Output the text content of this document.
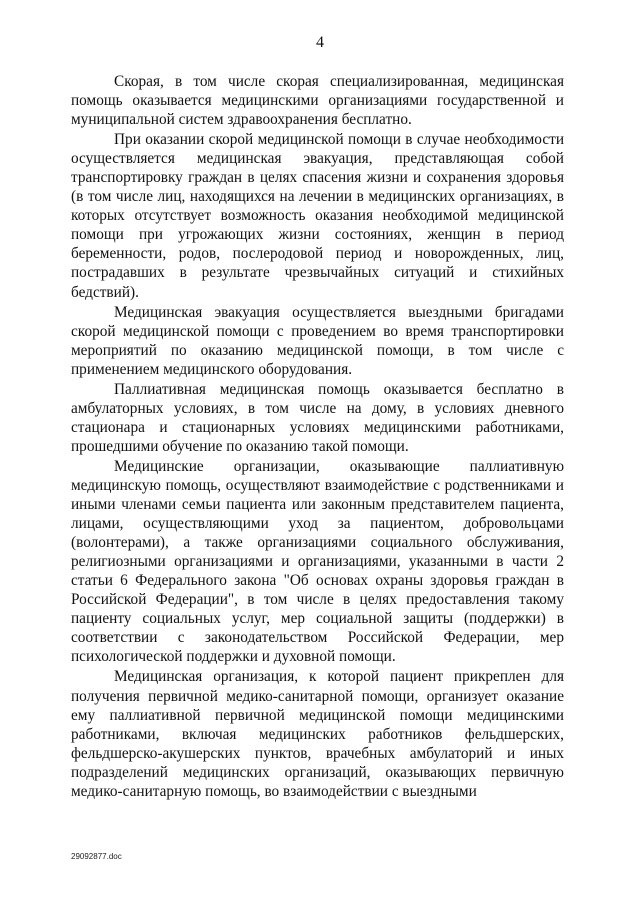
4

Скорая, в том числе скорая специализированная, медицинская помощь оказывается медицинскими организациями государственной и муниципальной систем здравоохранения бесплатно.

При оказании скорой медицинской помощи в случае необходимости осуществляется медицинская эвакуация, представляющая собой транспортировку граждан в целях спасения жизни и сохранения здоровья (в том числе лиц, находящихся на лечении в медицинских организациях, в которых отсутствует возможность оказания необходимой медицинской помощи при угрожающих жизни состояниях, женщин в период беременности, родов, послеродовой период и новорожденных, лиц, пострадавших в результате чрезвычайных ситуаций и стихийных бедствий).

Медицинская эвакуация осуществляется выездными бригадами скорой медицинской помощи с проведением во время транспортировки мероприятий по оказанию медицинской помощи, в том числе с применением медицинского оборудования.

Паллиативная медицинская помощь оказывается бесплатно в амбулаторных условиях, в том числе на дому, в условиях дневного стационара и стационарных условиях медицинскими работниками, прошедшими обучение по оказанию такой помощи.

Медицинские организации, оказывающие паллиативную медицинскую помощь, осуществляют взаимодействие с родственниками и иными членами семьи пациента или законным представителем пациента, лицами, осуществляющими уход за пациентом, добровольцами (волонтерами), а также организациями социального обслуживания, религиозными организациями и организациями, указанными в части 2 статьи 6 Федерального закона "Об основах охраны здоровья граждан в Российской Федерации", в том числе в целях предоставления такому пациенту социальных услуг, мер социальной защиты (поддержки) в соответствии с законодательством Российской Федерации, мер психологической поддержки и духовной помощи.

Медицинская организация, к которой пациент прикреплен для получения первичной медико-санитарной помощи, организует оказание ему паллиативной первичной медицинской помощи медицинскими работниками, включая медицинских работников фельдшерских, фельдшерско-акушерских пунктов, врачебных амбулаторий и иных подразделений медицинских организаций, оказывающих первичную медико-санитарную помощь, во взаимодействии с выездными

29092877.doc
